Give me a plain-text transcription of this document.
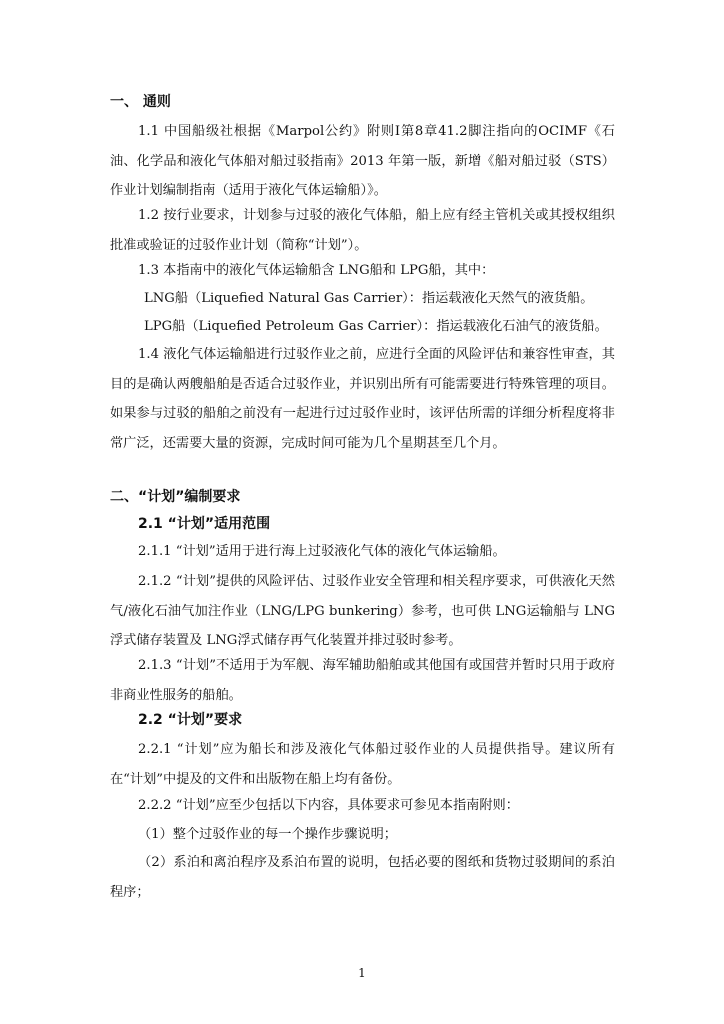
一、 通则

1.1 中国船级社根据《Marpol公约》附则I第8章41.2脚注指向的OCIMF《石油、化学品和液化气体船对船过驳指南》2013 年第一版，新增《船对船过驳（STS）作业计划编制指南（适用于液化气体运输船）》。

1.2 按行业要求，计划参与过驳的液化气体船，船上应有经主管机关或其授权组织批准或验证的过驳作业计划（简称“计划”）。

1.3 本指南中的液化气体运输船含 LNG船和 LPG船，其中：

LNG船（Liquefied Natural Gas Carrier）：指运载液化天然气的液货船。
LPG船（Liquefied Petroleum Gas Carrier）：指运载液化石油气的液货船。

1.4 液化气体运输船进行过驳作业之前，应进行全面的风险评估和兼容性审查，其目的是确认两艘船舶是否适合过驳作业，并识别出所有可能需要进行特殊管理的项目。如果参与过驳的船舶之前没有一起进行过过驳作业时，该评估所需的详细分析程度将非常广泛，还需要大量的资源，完成时间可能为几个星期甚至几个月。

二、“计划”编制要求
2.1 “计划”适用范围

2.1.1 “计划”适用于进行海上过驳液化气体的液化气体运输船。

2.1.2 “计划”提供的风险评估、过驳作业安全管理和相关程序要求，可供液化天然气/液化石油气加注作业（LNG/LPG bunkering）参考，也可供 LNG运输船与 LNG浮式储存装置及 LNG浮式储存再气化装置并排过驳时参考。

2.1.3 “计划”不适用于为军舰、海军辅助船舶或其他国有或国营并暂时只用于政府非商业性服务的船舶。

2.2 “计划”要求

2.2.1 “计划”应为船长和涉及液化气体船过驳作业的人员提供指导。建议所有在“计划”中提及的文件和出版物在船上均有备份。

2.2.2 “计划”应至少包括以下内容，具体要求可参见本指南附则：

（1）整个过驳作业的每一个操作步骤说明；

（2）系泊和离泊程序及系泊布置的说明，包括必要的图纸和货物过驳期间的系泊程序；

1
